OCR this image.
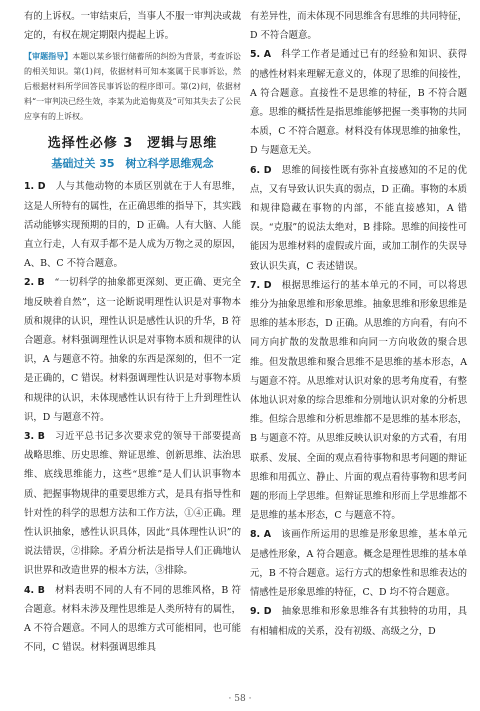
有的上诉权。一审结束后，当事人不服一审判决或裁定的，有权在规定期限内提起上诉。

【审题指导】本题以某乡银行储蓄所的纠纷为背景，考查诉讼的相关知识。第(1)问，依据材料可知本案属于民事诉讼，然后根据材料所学回答民事诉讼的程序即可。第(2)问，依据材料“一审判决已经生效，李某为此追悔莫及”可知其失去了公民应享有的上诉权。

选择性必修 3　逻辑与思维
基础过关 35　树立科学思维观念

1. D　 人与其他动物的本质区别就在于人有思维，这是人所特有的属性，在正确思维的指导下，其实践活动能够实现预期的目的，D 正确。人有大脑、人能直立行走，人有双手都不是人成为万物之灵的原因，A、B、C 不符合题意。

2. B　 “一切科学的抽象都更深刻、更正确、更完全地反映着自然”，这一论断说明理性认识是对事物本质和规律的认识，理性认识是感性认识的升华，B 符合题意。材料强调理性认识是对事物本质和规律的认识，A 与题意不符。抽象的东西是深刻的，但不一定是正确的，C 错误。材料强调理性认识是对事物本质和规律的认识，未体现感性认识有待于上升到理性认识，D 与题意不符。

3. B　 习近平总书记多次要求党的领导干部要提高战略思维、历史思维、辩证思维、创新思维、法治思维、底线思维能力，这些“思维”是人们认识事物本质、把握事物规律的重要思维方式，是具有指导性和针对性的科学的思想方法和工作方法，①④正确。理性认识抽象，感性认识具体，因此“具体理性认识”的说法错误，②排除。矛盾分析法是指导人们正确地认识世界和改造世界的根本方法，③排除。

4. B　 材料表明不同的人有不同的思维风格，B 符合题意。材料未涉及理性思维是人类所特有的属性，A 不符合题意。不同人的思维方式可能相同，也可能不同，C 错误。材料强调思维具

有差异性，而未体现不同思维含有思维的共同特征，D 不符合题意。

5. A　 科学工作者是通过已有的经验和知识、获得的感性材料来理解无意义的，体现了思维的间接性，A 符合题意。直接性不是思维的特征，B 不符合题意。思维的概括性是指思维能够把握一类事物的共同本质，C 不符合题意。材料没有体现思维的抽象性，D 与题意无关。

6. D　 思维的间接性既有弥补直接感知的不足的优点，又有导致认识失真的弱点，D 正确。事物的本质和规律隐藏在事物的内部，不能直接感知，A 错误。“克服”的说法太绝对，B 排除。思维的间接性可能因为思维材料的虚假或片面，或加工制作的失误导致认识失真，C 表述错误。

7. D　 根据思维运行的基本单元的不同，可以将思维分为抽象思维和形象思维。抽象思维和形象思维是思维的基本形态，D 正确。从思维的方向看，有向不同方向扩散的发散思维和向同一方向收敛的聚合思维。但发散思维和聚合思维不是思维的基本形态，A 与题意不符。从思维对认识对象的思考角度看，有整体地认识对象的综合思维和分别地认识对象的分析思维。但综合思维和分析思维都不是思维的基本形态，B 与题意不符。从思维反映认识对象的方式看，有用联系、发展、全面的观点看待事物和思考问题的辩证思维和用孤立、静止、片面的观点看待事物和思考问题的形而上学思维。但辩证思维和形而上学思维都不是思维的基本形态，C 与题意不符。

8. A　 该画作所运用的思维是形象思维，基本单元是感性形象，A 符合题意。概念是理性思维的基本单元，B 不符合题意。运行方式的想象性和思维表达的情感性是形象思维的特征，C、D 均不符合题意。

9. D　 抽象思维和形象思维各有其独特的功用，具有相辅相成的关系，没有初级、高级之分，D

· 58 ·
